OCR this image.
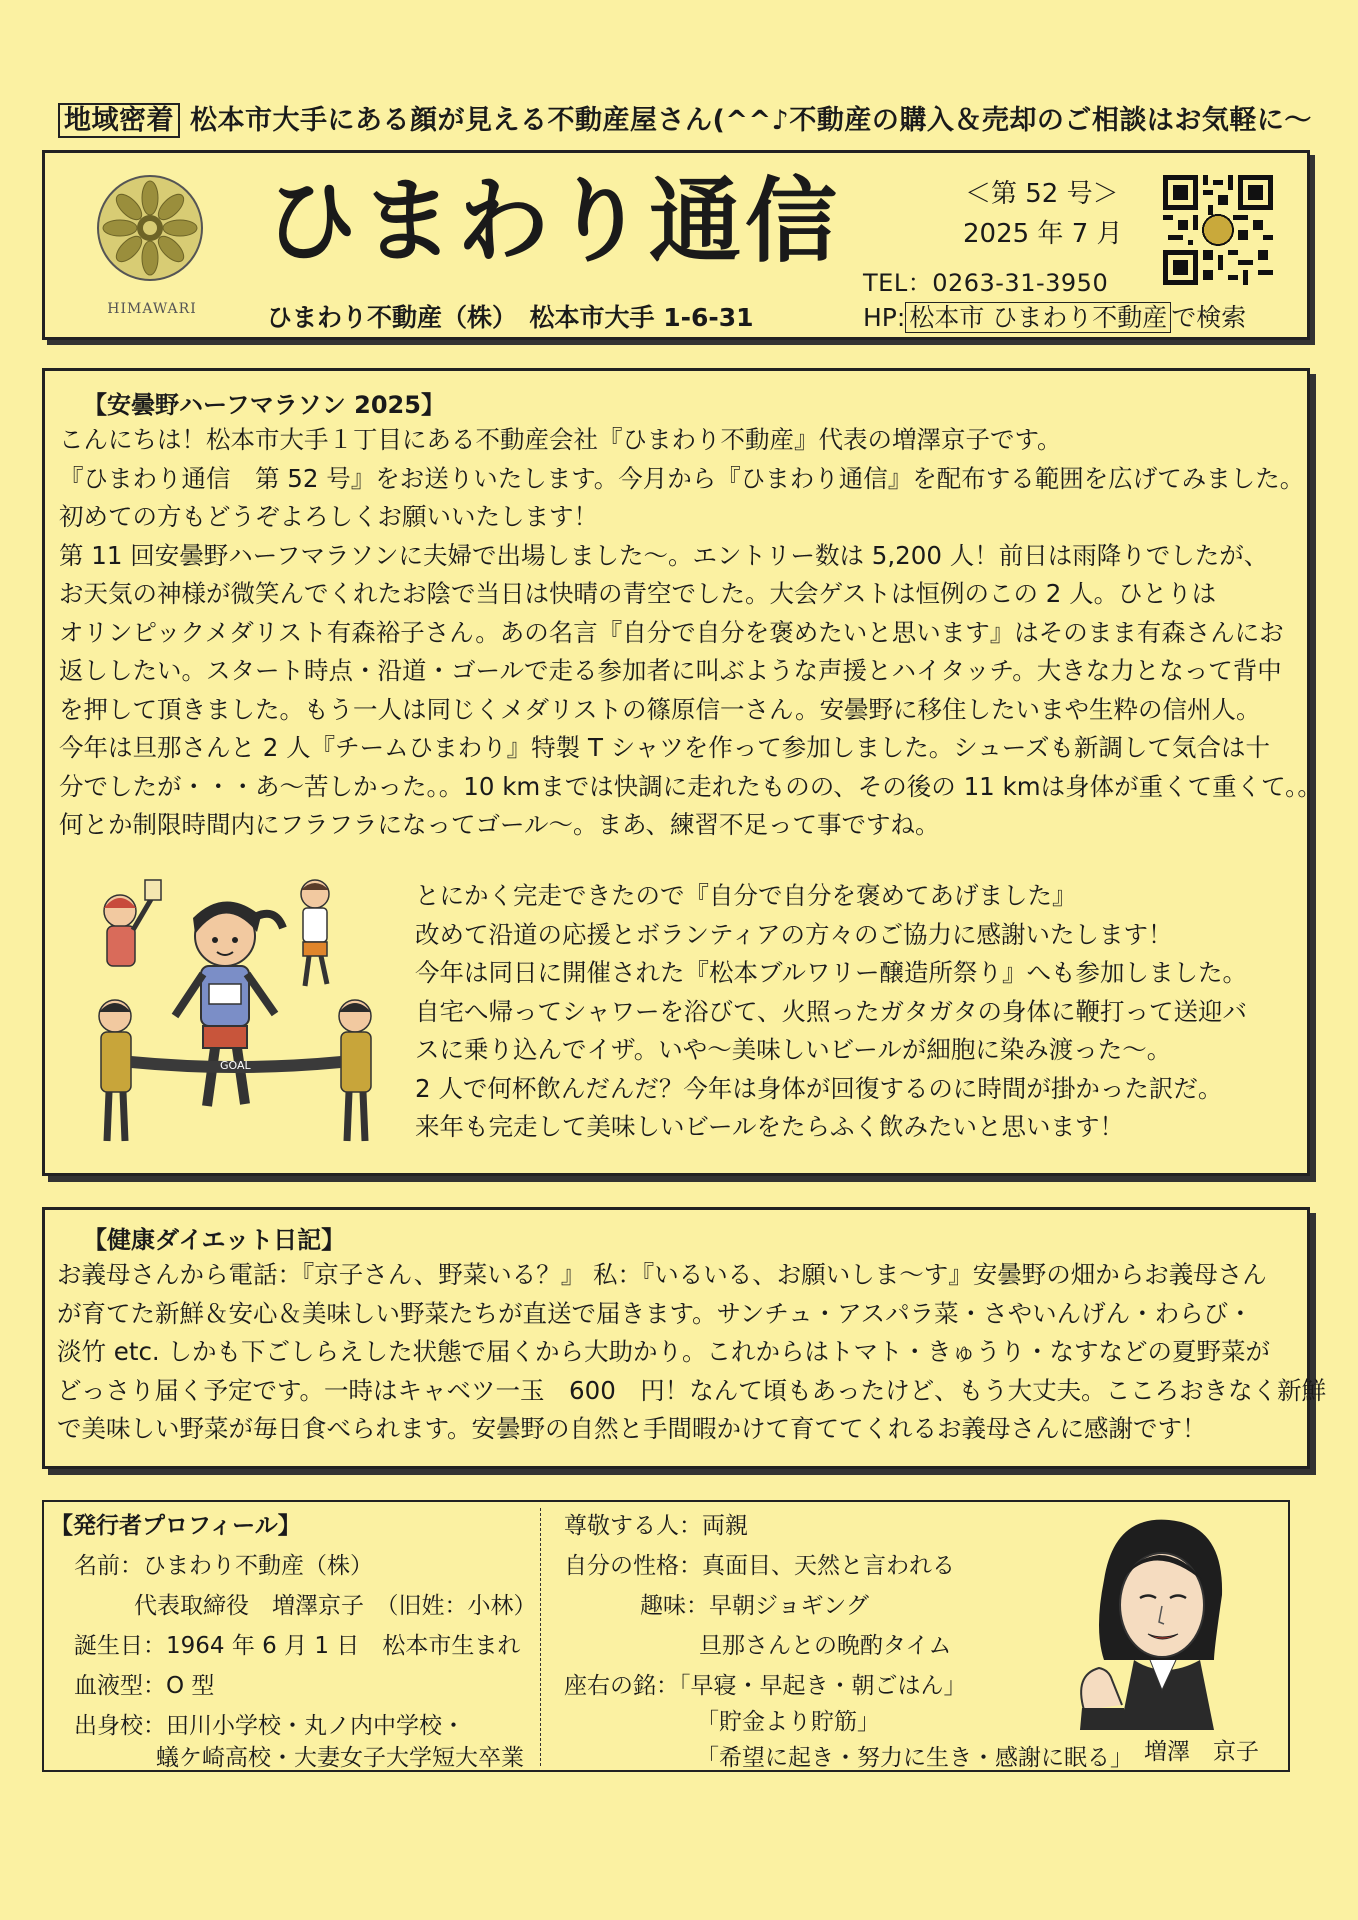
地域密着 松本市大手にある顔が見える不動産屋さん(^^♪不動産の購入＆売却のご相談はお気軽に～
HIMAWARI
ひまわり通信	＜第 52 号＞
2025 年 7 月
TEL：0263-31-3950
ひまわり不動産（株）　松本市大手 1-6-31	HP: 松本市 ひまわり不動産 で検索
【安曇野ハーフマラソン 2025】
こんにちは！松本市大手１丁目にある不動産会社『ひまわり不動産』代表の増澤京子です。
『ひまわり通信　第 52 号』をお送りいたします。今月から『ひまわり通信』を配布する範囲を広げてみました。
初めての方もどうぞよろしくお願いいたします！
第 11 回安曇野ハーフマラソンに夫婦で出場しました～。エントリー数は 5,200 人！前日は雨降りでしたが、
お天気の神様が微笑んでくれたお陰で当日は快晴の青空でした。大会ゲストは恒例のこの 2 人。ひとりは
オリンピックメダリスト有森裕子さん。あの名言『自分で自分を褒めたいと思います』はそのまま有森さんにお
返ししたい。スタート時点・沿道・ゴールで走る参加者に叫ぶような声援とハイタッチ。大きな力となって背中
を押して頂きました。もう一人は同じくメダリストの篠原信一さん。安曇野に移住したいまや生粋の信州人。
今年は旦那さんと 2 人『チームひまわり』特製 T シャツを作って参加しました。シューズも新調して気合は十
分でしたが・・・あ～苦しかった。。10 kmまでは快調に走れたものの、その後の 11 kmは身体が重くて重くて。。
何とか制限時間内にフラフラになってゴール～。まあ、練習不足って事ですね。
GOAL
とにかく完走できたので『自分で自分を褒めてあげました』
改めて沿道の応援とボランティアの方々のご協力に感謝いたします！
今年は同日に開催された『松本ブルワリー醸造所祭り』へも参加しました。
自宅へ帰ってシャワーを浴びて、火照ったガタガタの身体に鞭打って送迎バ
スに乗り込んでイザ。いや～美味しいビールが細胞に染み渡った～。
2 人で何杯飲んだんだ？今年は身体が回復するのに時間が掛かった訳だ。
来年も完走して美味しいビールをたらふく飲みたいと思います！
【健康ダイエット日記】
お義母さんから電話：『京子さん、野菜いる？』 私：『いるいる、お願いしま～す』安曇野の畑からお義母さん
が育てた新鮮＆安心＆美味しい野菜たちが直送で届きます。サンチュ・アスパラ菜・さやいんげん・わらび・
淡竹 etc. しかも下ごしらえした状態で届くから大助かり。これからはトマト・きゅうり・なすなどの夏野菜が
どっさり届く予定です。一時はキャベツ一玉　600　円！なんて頃もあったけど、もう大丈夫。こころおきなく新鮮
で美味しい野菜が毎日食べられます。安曇野の自然と手間暇かけて育ててくれるお義母さんに感謝です！
【発行者プロフィール】
名前：ひまわり不動産（株）
代表取締役　増澤京子　（旧姓：小林）
誕生日：1964 年 6 月 1 日　松本市生まれ
血液型：O 型
出身校：田川小学校・丸ノ内中学校・
蟻ケ崎高校・大妻女子大学短大卒業
尊敬する人：両親
自分の性格：真面目、天然と言われる
趣味：早朝ジョギング
旦那さんとの晩酌タイム
座右の銘：「早寝・早起き・朝ごはん」
「貯金より貯筋」
「希望に起き・努力に生き・感謝に眠る」 増澤　京子
